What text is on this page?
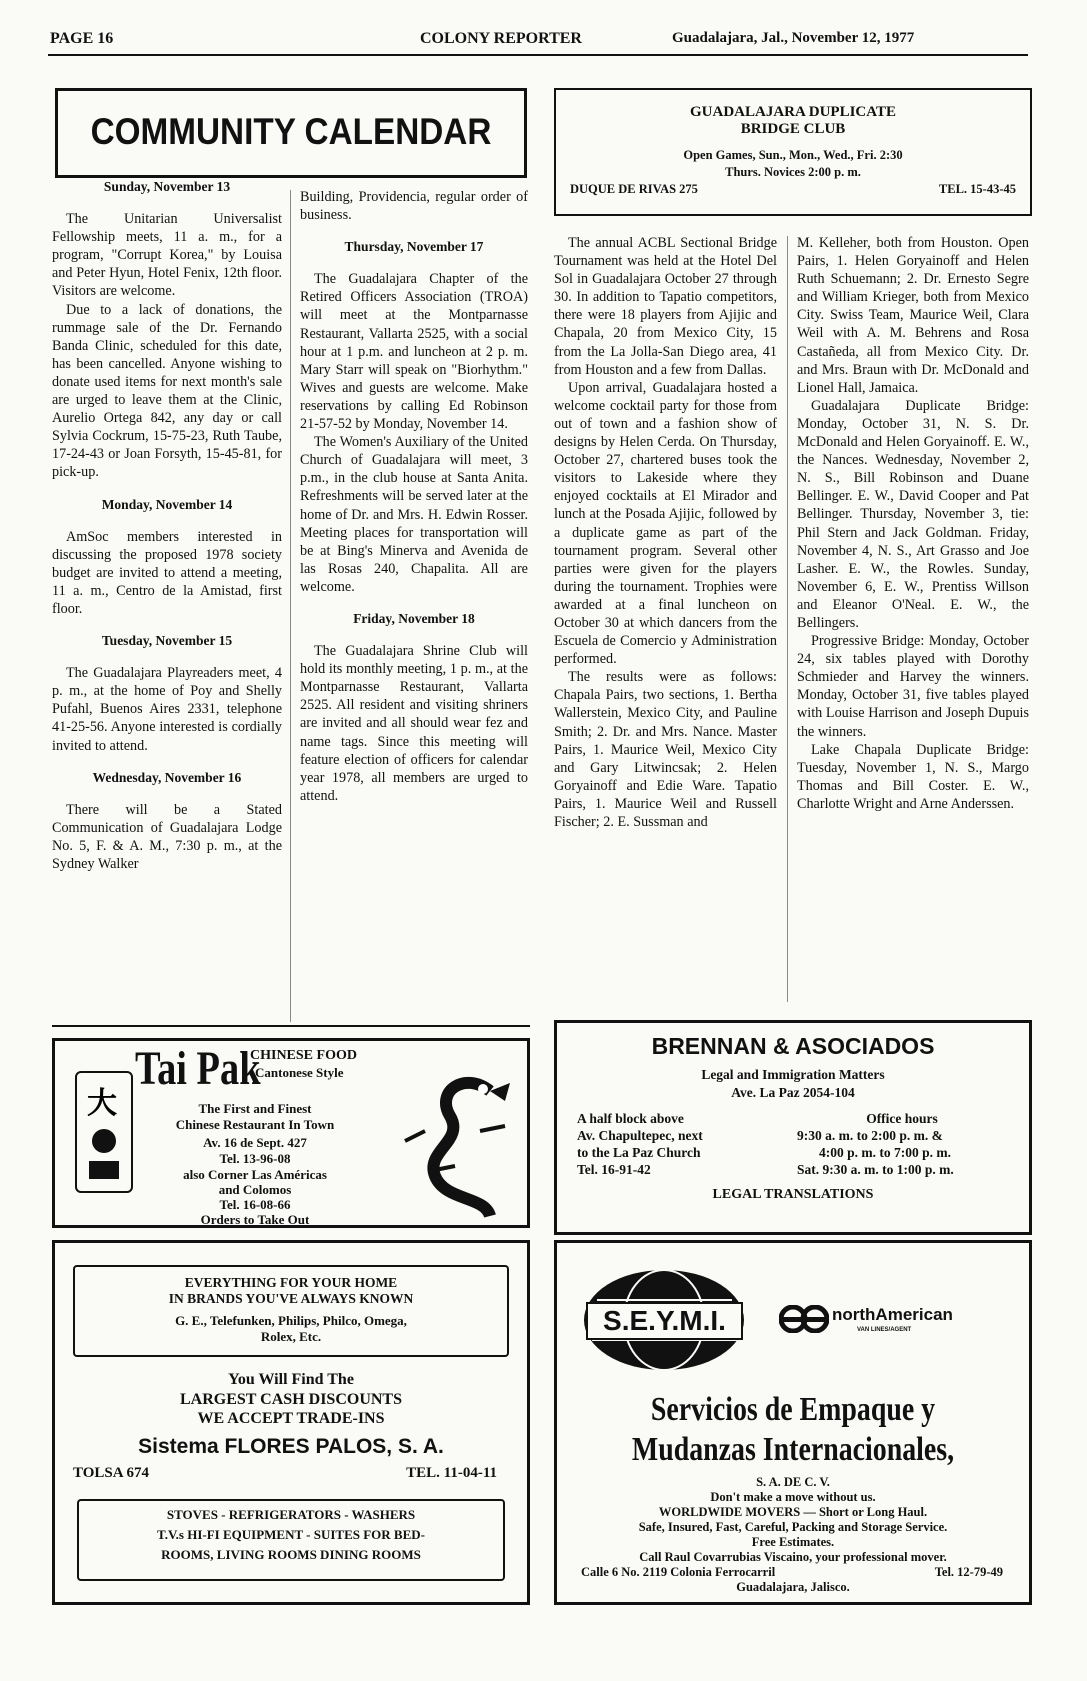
PAGE 16	COLONY REPORTER	Guadalajara, Jal., November 12, 1977
COMMUNITY CALENDAR
Sunday, November 13

The Unitarian Universalist Fellowship meets, 11 a. m., for a program, "Corrupt Korea," by Louisa and Peter Hyun, Hotel Fenix, 12th floor. Visitors are welcome.

Due to a lack of donations, the rummage sale of the Dr. Fernando Banda Clinic, scheduled for this date, has been cancelled. Anyone wishing to donate used items for next month's sale are urged to leave them at the Clinic, Aurelio Ortega 842, any day or call Sylvia Cockrum, 15-75-23, Ruth Taube, 17-24-43 or Joan Forsyth, 15-45-81, for pick-up.

Monday, November 14

AmSoc members interested in discussing the proposed 1978 society budget are invited to attend a meeting, 11 a. m., Centro de la Amistad, first floor.

Tuesday, November 15

The Guadalajara Playreaders meet, 4 p. m., at the home of Poy and Shelly Pufahl, Buenos Aires 2331, telephone 41-25-56. Anyone interested is cordially invited to attend.

Wednesday, November 16

There will be a Stated Communication of Guadalajara Lodge No. 5, F. & A. M., 7:30 p. m., at the Sydney Walker

Building, Providencia, regular order of business.

Thursday, November 17

The Guadalajara Chapter of the Retired Officers Association (TROA) will meet at the Montparnasse Restaurant, Vallarta 2525, with a social hour at 1 p.m. and luncheon at 2 p. m. Mary Starr will speak on "Biorhythm." Wives and guests are welcome. Make reservations by calling Ed Robinson 21-57-52 by Monday, November 14.

The Women's Auxiliary of the United Church of Guadalajara will meet, 3 p.m., in the club house at Santa Anita. Refreshments will be served later at the home of Dr. and Mrs. H. Edwin Rosser. Meeting places for transportation will be at Bing's Minerva and Avenida de las Rosas 240, Chapalita. All are welcome.

Friday, November 18

The Guadalajara Shrine Club will hold its monthly meeting, 1 p. m., at the Montparnasse Restaurant, Vallarta 2525. All resident and visiting shriners are invited and all should wear fez and name tags. Since this meeting will feature election of officers for calendar year 1978, all members are urged to attend.

GUADALAJARA DUPLICATE
BRIDGE CLUB
Open Games, Sun., Mon., Wed., Fri. 2:30
Thurs. Novices 2:00 p. m.
DUQUE DE RIVAS 275	TEL. 15-43-45

The annual ACBL Sectional Bridge Tournament was held at the Hotel Del Sol in Guadalajara October 27 through 30. In addition to Tapatio competitors, there were 18 players from Ajijic and Chapala, 20 from Mexico City, 15 from the La Jolla-San Diego area, 41 from Houston and a few from Dallas.

Upon arrival, Guadalajara hosted a welcome cocktail party for those from out of town and a fashion show of designs by Helen Cerda. On Thursday, October 27, chartered buses took the visitors to Lakeside where they enjoyed cocktails at El Mirador and lunch at the Posada Ajijic, followed by a duplicate game as part of the tournament program. Several other parties were given for the players during the tournament. Trophies were awarded at a final luncheon on October 30 at which dancers from the Escuela de Comercio y Administration performed.

The results were as follows: Chapala Pairs, two sections, 1. Bertha Wallerstein, Mexico City, and Pauline Smith; 2. Dr. and Mrs. Nance. Master Pairs, 1. Maurice Weil, Mexico City and Gary Litwincsak; 2. Helen Goryainoff and Edie Ware. Tapatio Pairs, 1. Maurice Weil and Russell Fischer; 2. E. Sussman and

M. Kelleher, both from Houston. Open Pairs, 1. Helen Goryainoff and Helen Ruth Schuemann; 2. Dr. Ernesto Segre and William Krieger, both from Mexico City. Swiss Team, Maurice Weil, Clara Weil with A. M. Behrens and Rosa Castañeda, all from Mexico City. Dr. and Mrs. Braun with Dr. McDonald and Lionel Hall, Jamaica.

Guadalajara Duplicate Bridge: Monday, October 31, N. S. Dr. McDonald and Helen Goryainoff. E. W., the Nances. Wednesday, November 2, N. S., Bill Robinson and Duane Bellinger. E. W., David Cooper and Pat Bellinger. Thursday, November 3, tie: Phil Stern and Jack Goldman. Friday, November 4, N. S., Art Grasso and Joe Lasher. E. W., the Rowles. Sunday, November 6, E. W., Prentiss Willson and Eleanor O'Neal. E. W., the Bellingers.

Progressive Bridge: Monday, October 24, six tables played with Dorothy Schmieder and Harvey the winners. Monday, October 31, five tables played with Louise Harrison and Joseph Dupuis the winners.

Lake Chapala Duplicate Bridge: Tuesday, November 1, N. S., Margo Thomas and Bill Coster. E. W., Charlotte Wright and Arne Anderssen.

大
Tai Pak
CHINESE FOOD
Cantonese Style
The First and Finest
Chinese Restaurant In Town
Av. 16 de Sept. 427
Tel. 13-96-08
also Corner Las Américas
and Colomos
Tel. 16-08-66
Orders to Take Out
BRENNAN & ASOCIADOS
Legal and Immigration Matters
Ave. La Paz 2054-104
A half block above
Av. Chapultepec, next
to the La Paz Church
Tel. 16-91-42
Office hours
9:30 a. m. to 2:00 p. m. &
4:00 p. m. to 7:00 p. m.
Sat. 9:30 a. m. to 1:00 p. m.
LEGAL TRANSLATIONS
EVERYTHING FOR YOUR HOME
IN BRANDS YOU'VE ALWAYS KNOWN
G. E., Telefunken, Philips, Philco, Omega,
Rolex, Etc.
You Will Find The
LARGEST CASH DISCOUNTS
WE ACCEPT TRADE-INS
Sistema FLORES PALOS, S. A.
TOLSA 674	TEL. 11-04-11
STOVES - REFRIGERATORS - WASHERS
T.V.s HI-FI EQUIPMENT - SUITES FOR BED-
ROOMS, LIVING ROOMS DINING ROOMS
S.E.Y.M.I.	northAmerican
VAN LINES/AGENT
Servicios de Empaque y
Mudanzas Internacionales,
S. A. DE C. V.
Don't make a move without us.
WORLDWIDE MOVERS — Short or Long Haul.
Safe, Insured, Fast, Careful, Packing and Storage Service.
Free Estimates.
Call Raul Covarrubias Viscaino, your professional mover.
Calle 6 No. 2119 Colonia Ferrocarril	Tel. 12-79-49
Guadalajara, Jalisco.
